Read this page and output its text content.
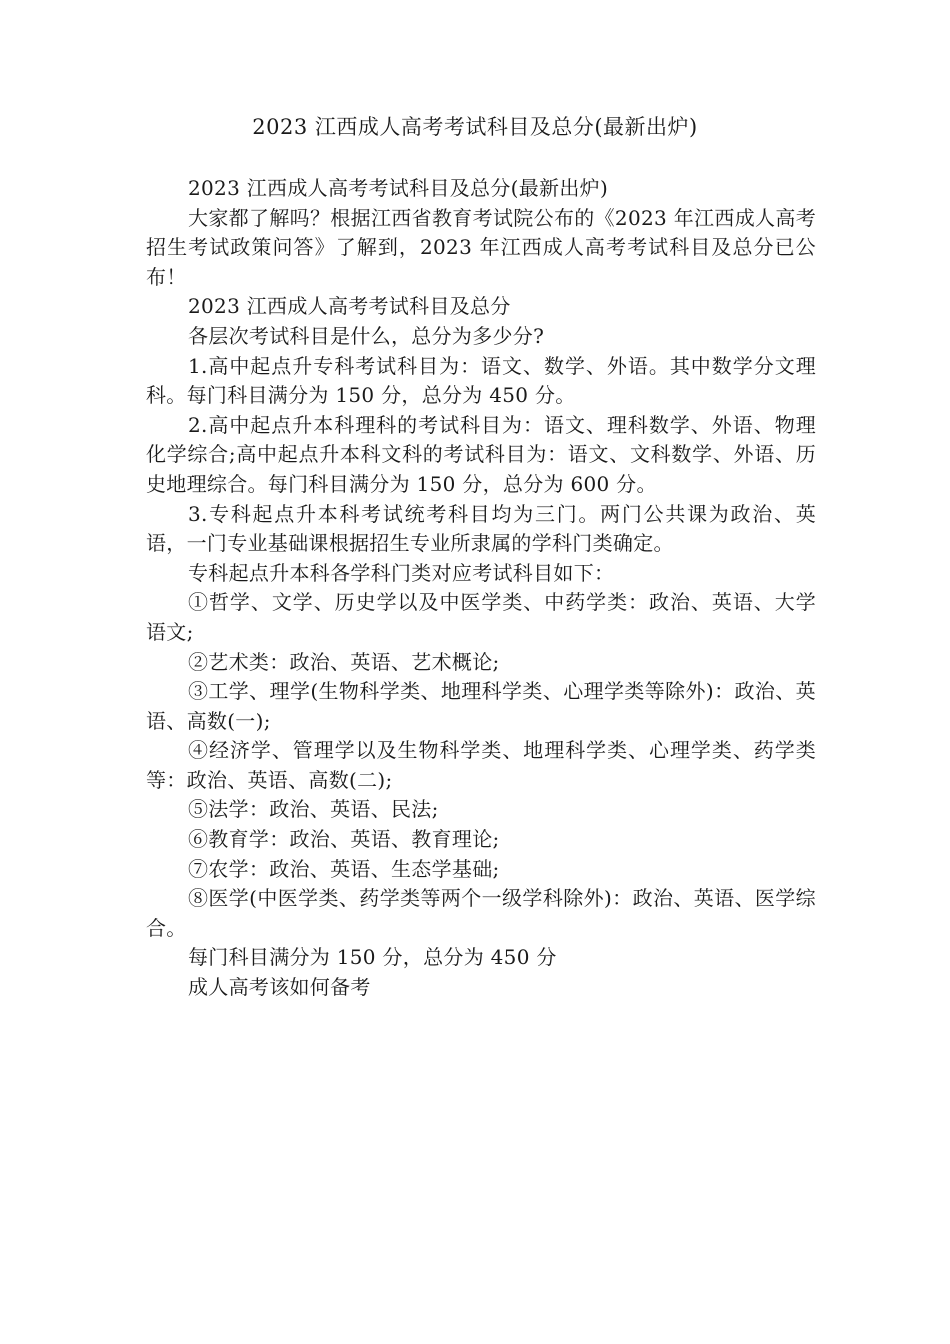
2023 江西成人高考考试科目及总分(最新出炉)

2023 江西成人高考考试科目及总分(最新出炉)

大家都了解吗？根据江西省教育考试院公布的《2023 年江西成人高考招生考试政策问答》了解到，2023 年江西成人高考考试科目及总分已公布！

2023 江西成人高考考试科目及总分

各层次考试科目是什么，总分为多少分?

1.高中起点升专科考试科目为：语文、数学、外语。其中数学分文理科。每门科目满分为 150 分，总分为 450 分。

2.高中起点升本科理科的考试科目为：语文、理科数学、外语、物理化学综合;高中起点升本科文科的考试科目为：语文、文科数学、外语、历史地理综合。每门科目满分为 150 分，总分为 600 分。

3.专科起点升本科考试统考科目均为三门。两门公共课为政治、英语，一门专业基础课根据招生专业所隶属的学科门类确定。

专科起点升本科各学科门类对应考试科目如下：

①哲学、文学、历史学以及中医学类、中药学类：政治、英语、大学语文;

②艺术类：政治、英语、艺术概论;

③工学、理学(生物科学类、地理科学类、心理学类等除外)：政治、英语、高数(一);

④经济学、管理学以及生物科学类、地理科学类、心理学类、药学类等：政治、英语、高数(二);

⑤法学：政治、英语、民法;

⑥教育学：政治、英语、教育理论;

⑦农学：政治、英语、生态学基础;

⑧医学(中医学类、药学类等两个一级学科除外)：政治、英语、医学综合。

每门科目满分为 150 分，总分为 450 分

成人高考该如何备考
